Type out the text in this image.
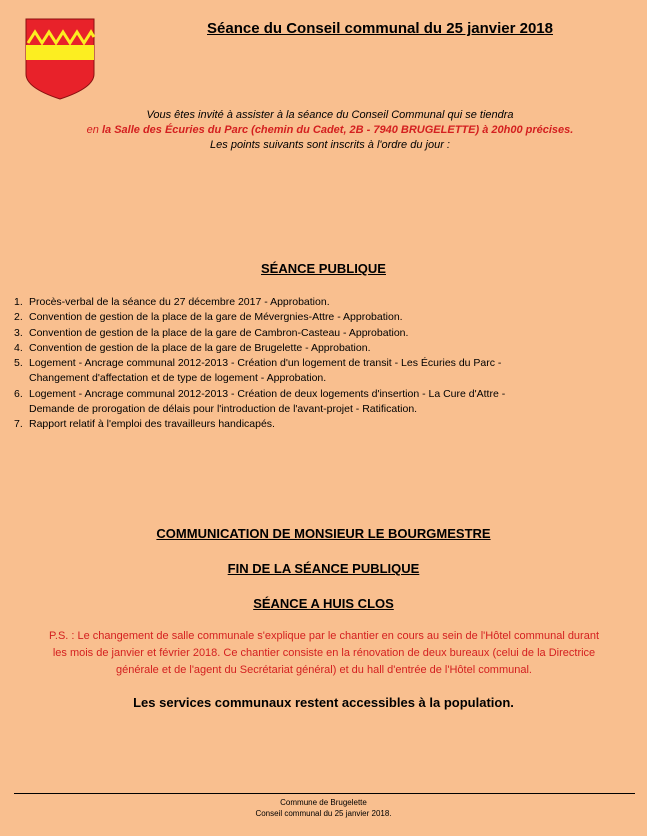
Séance du Conseil communal du 25 janvier 2018
Vous êtes invité à assister à la séance du Conseil Communal qui se tiendra
en la Salle des Écuries du Parc (chemin du Cadet, 2B - 7940 BRUGELETTE) à 20h00 précises.
Les points suivants sont inscrits à l'ordre du jour :
SÉANCE PUBLIQUE
1. Procès-verbal de la séance du 27 décembre 2017 - Approbation.
2. Convention de gestion de la place de la gare de Mévergnies-Attre - Approbation.
3. Convention de gestion de la place de la gare de Cambron-Casteau - Approbation.
4. Convention de gestion de la place de la gare de Brugelette - Approbation.
5. Logement - Ancrage communal 2012-2013 - Création d'un logement de transit - Les Écuries du Parc -
Changement d'affectation et de type de logement - Approbation.
6. Logement - Ancrage communal 2012-2013 - Création de deux logements d'insertion - La Cure d'Attre -
Demande de prorogation de délais pour l'introduction de l'avant-projet - Ratification.
7. Rapport relatif à l'emploi des travailleurs handicapés.
COMMUNICATION DE MONSIEUR LE BOURGMESTRE
FIN DE LA SÉANCE PUBLIQUE
SÉANCE A HUIS CLOS
P.S. : Le changement de salle communale s'explique par le chantier en cours au sein de l'Hôtel communal durant
les mois de janvier et février 2018. Ce chantier consiste en la rénovation de deux bureaux (celui de la Directrice
générale et de l'agent du Secrétariat général) et du hall d'entrée de l'Hôtel communal.
Les services communaux restent accessibles à la population.
Commune de Brugelette
Conseil communal du 25 janvier 2018.
